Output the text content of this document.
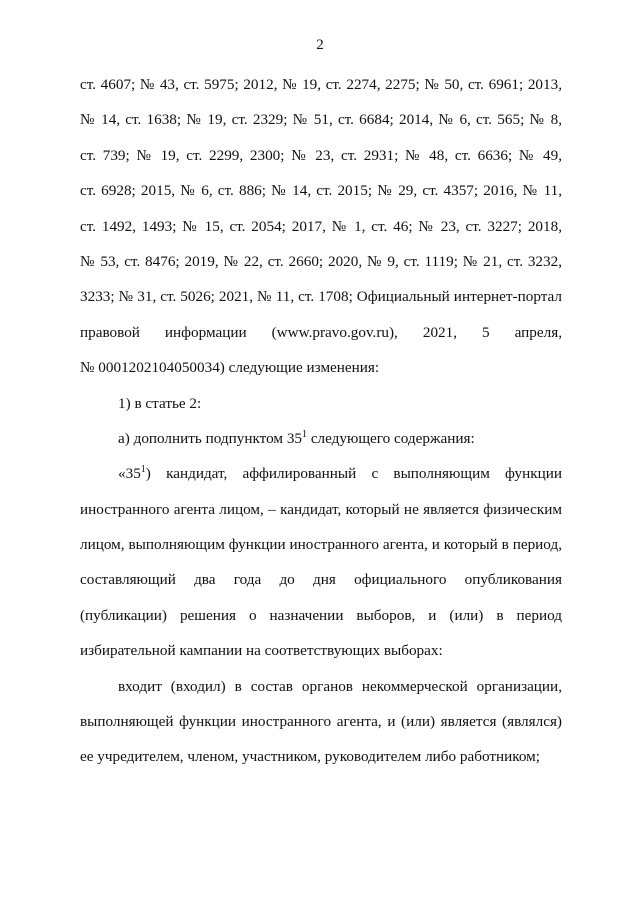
2
ст. 4607; № 43, ст. 5975; 2012, № 19, ст. 2274, 2275; № 50, ст. 6961; 2013,
№ 14, ст. 1638; № 19, ст. 2329; № 51, ст. 6684; 2014, № 6, ст. 565; № 8,
ст. 739; № 19, ст. 2299, 2300; № 23, ст. 2931; № 48, ст. 6636; № 49,
ст. 6928; 2015, № 6, ст. 886; № 14, ст. 2015; № 29, ст. 4357; 2016, № 11,
ст. 1492, 1493; № 15, ст. 2054; 2017, № 1, ст. 46; № 23, ст. 3227; 2018,
№ 53, ст. 8476; 2019, № 22, ст. 2660; 2020, № 9, ст. 1119; № 21, ст. 3232,
3233; № 31, ст. 5026; 2021, № 11, ст. 1708; Официальный интернет-портал
правовой информации (www.pravo.gov.ru), 2021, 5 апреля,
№ 0001202104050034) следующие изменения:
1) в статье 2:
а) дополнить подпунктом $35^1$ следующего содержания:
«$35^1$) кандидат, аффилированный с выполняющим функции
иностранного агента лицом, – кандидат, который не является физическим
лицом, выполняющим функции иностранного агента, и который в период,
составляющий два года до дня официального опубликования
(публикации) решения о назначении выборов, и (или) в период
избирательной кампании на соответствующих выборах:
входит (входил) в состав органов некоммерческой организации,
выполняющей функции иностранного агента, и (или) является (являлся)
ее учредителем, членом, участником, руководителем либо работником;
